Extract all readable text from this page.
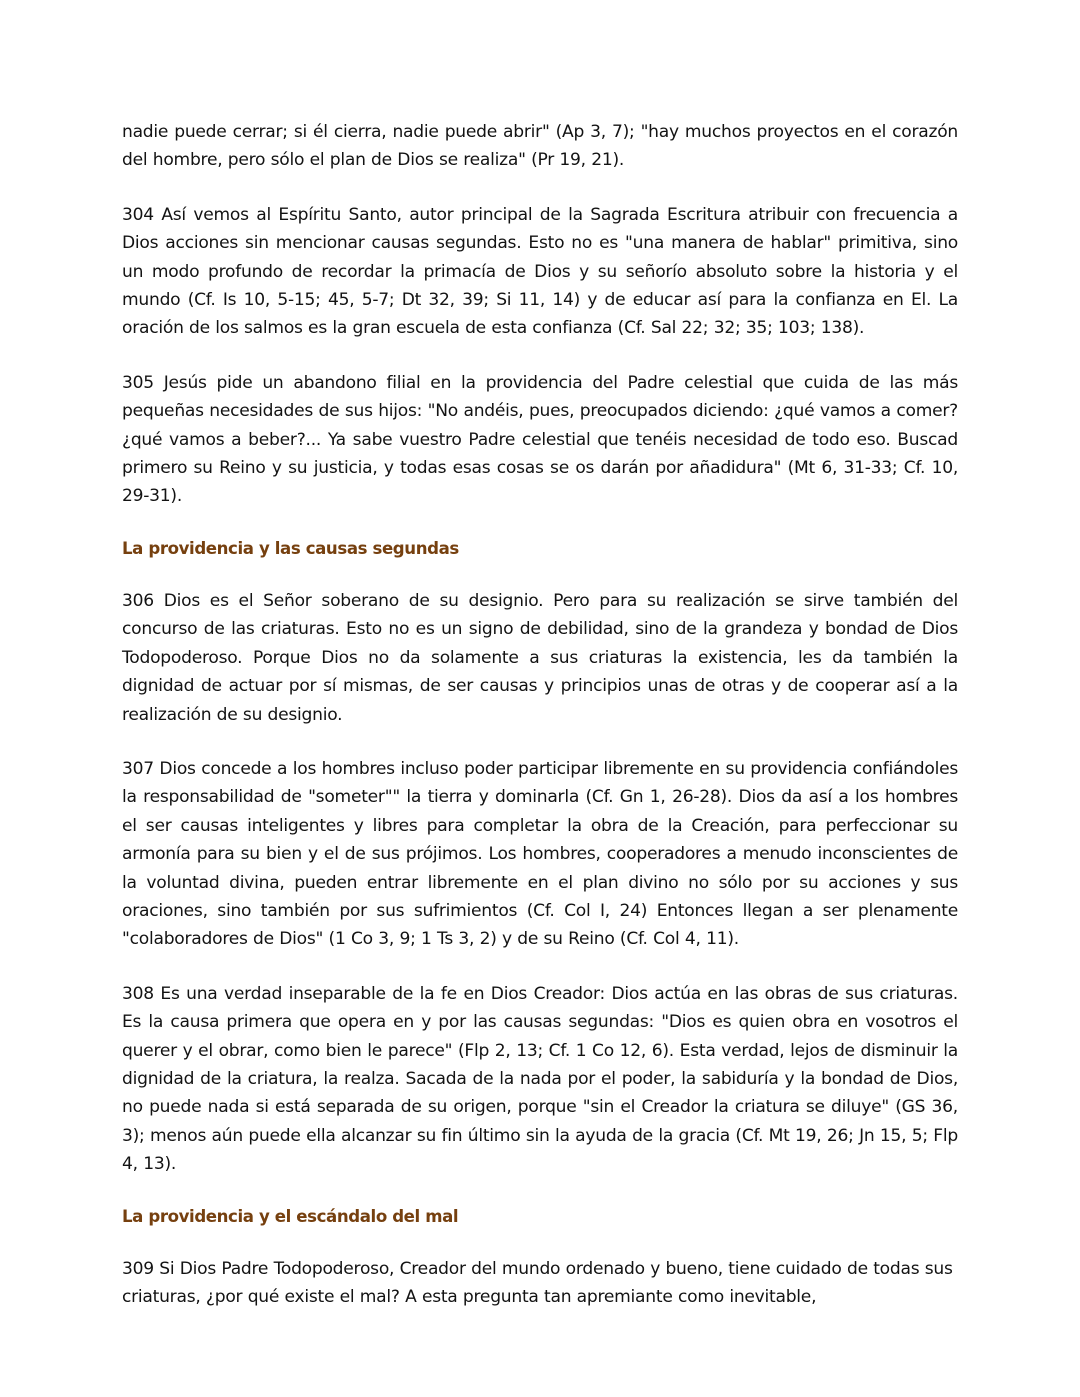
nadie puede cerrar; si él cierra, nadie puede abrir" (Ap 3, 7); "hay muchos proyectos en el corazón del hombre, pero sólo el plan de Dios se realiza" (Pr 19, 21).

304 Así vemos al Espíritu Santo, autor principal de la Sagrada Escritura atribuir con frecuencia a Dios acciones sin mencionar causas segundas. Esto no es "una manera de hablar" primitiva, sino un modo profundo de recordar la primacía de Dios y su señorío absoluto sobre la historia y el mundo (Cf. Is 10, 5-15; 45, 5-7; Dt 32, 39; Si 11, 14) y de educar así para la confianza en El. La oración de los salmos es la gran escuela de esta confianza (Cf. Sal 22; 32; 35; 103; 138).

305 Jesús pide un abandono filial en la providencia del Padre celestial que cuida de las más pequeñas necesidades de sus hijos: "No andéis, pues, preocupados diciendo: ¿qué vamos a comer? ¿qué vamos a beber?... Ya sabe vuestro Padre celestial que tenéis necesidad de todo eso. Buscad primero su Reino y su justicia, y todas esas cosas se os darán por añadidura" (Mt 6, 31-33; Cf. 10, 29-31).

La providencia y las causas segundas

306 Dios es el Señor soberano de su designio. Pero para su realización se sirve también del concurso de las criaturas. Esto no es un signo de debilidad, sino de la grandeza y bondad de Dios Todopoderoso. Porque Dios no da solamente a sus criaturas la existencia, les da también la dignidad de actuar por sí mismas, de ser causas y principios unas de otras y de cooperar así a la realización de su designio.

307 Dios concede a los hombres incluso poder participar libremente en su providencia confiándoles la responsabilidad de "someter"" la tierra y dominarla (Cf. Gn 1, 26-28). Dios da así a los hombres el ser causas inteligentes y libres para completar la obra de la Creación, para perfeccionar su armonía para su bien y el de sus prójimos. Los hombres, cooperadores a menudo inconscientes de la voluntad divina, pueden entrar libremente en el plan divino no sólo por su acciones y sus oraciones, sino también por sus sufrimientos (Cf. Col I, 24) Entonces llegan a ser plenamente "colaboradores de Dios" (1 Co 3, 9; 1 Ts 3, 2) y de su Reino (Cf. Col 4, 11).

308 Es una verdad inseparable de la fe en Dios Creador: Dios actúa en las obras de sus criaturas. Es la causa primera que opera en y por las causas segundas: "Dios es quien obra en vosotros el querer y el obrar, como bien le parece" (Flp 2, 13; Cf. 1 Co 12, 6). Esta verdad, lejos de disminuir la dignidad de la criatura, la realza. Sacada de la nada por el poder, la sabiduría y la bondad de Dios, no puede nada si está separada de su origen, porque "sin el Creador la criatura se diluye" (GS 36, 3); menos aún puede ella alcanzar su fin último sin la ayuda de la gracia (Cf. Mt 19, 26; Jn 15, 5; Flp 4, 13).

La providencia y el escándalo del mal

309 Si Dios Padre Todopoderoso, Creador del mundo ordenado y bueno, tiene cuidado de todas sus criaturas, ¿por qué existe el mal? A esta pregunta tan apremiante como inevitable,
